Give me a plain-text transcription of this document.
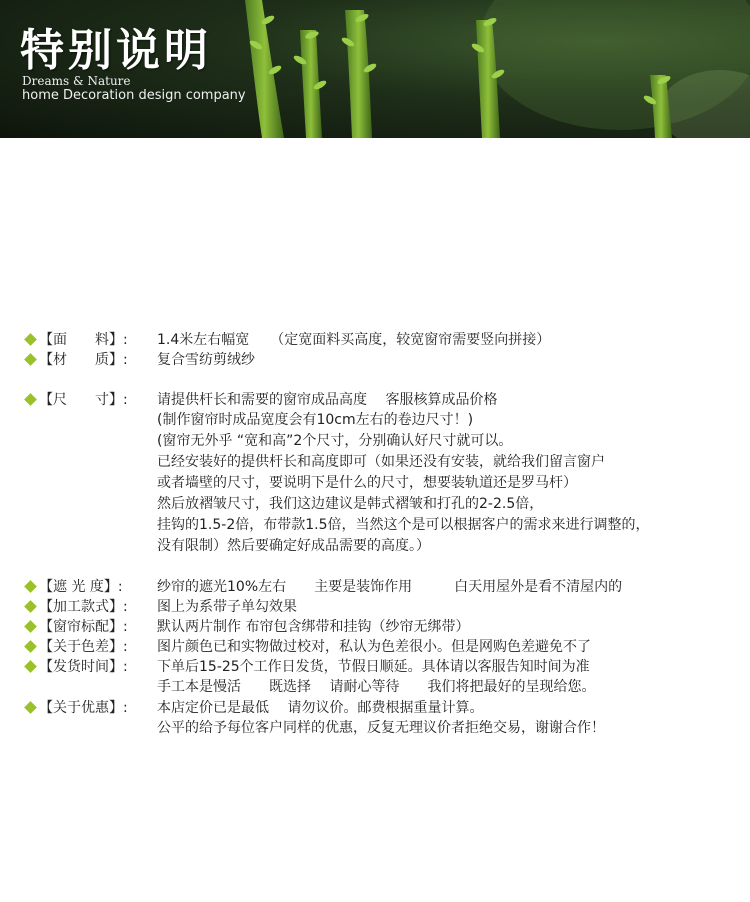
特别说明
Dreams & Nature
home Decoration design company
【面　　料】:	1.4米左右幅宽　　（定宽面料买高度，较宽窗帘需要竖向拼接）
【材　　质】:	复合雪纺剪绒纱
【尺　　寸】:	请提供杆长和需要的窗帘成品高度　 客服核算成品价格
(制作窗帘时成品宽度会有10cm左右的卷边尺寸！)
(窗帘无外乎 “宽和高”2个尺寸，分别确认好尺寸就可以。
已经安装好的提供杆长和高度即可（如果还没有安装，就给我们留言窗户
或者墙壁的尺寸，要说明下是什么的尺寸，想要装轨道还是罗马杆）
然后放褶皱尺寸，我们这边建议是韩式褶皱和打孔的2-2.5倍，
挂钩的1.5-2倍，布带款1.5倍，当然这个是可以根据客户的需求来进行调整的，
没有限制）然后要确定好成品需要的高度。）
【遮 光 度】:	纱帘的遮光10%左右　　主要是装饰作用　　　白天用屋外是看不清屋内的
【加工款式】:	图上为系带子单勾效果
【窗帘标配】:	默认两片制作 布帘包含绑带和挂钩（纱帘无绑带）
【关于色差】:	图片颜色已和实物做过校对，私认为色差很小。但是网购色差避免不了
【发货时间】:	下单后15-25个工作日发货，节假日顺延。具体请以客服告知时间为准
手工本是慢活　　既选择　 请耐心等待　　我们将把最好的呈现给您。
【关于优惠】:	本店定价已是最低　 请勿议价。邮费根据重量计算。
公平的给予每位客户同样的优惠，反复无理议价者拒绝交易，谢谢合作！
